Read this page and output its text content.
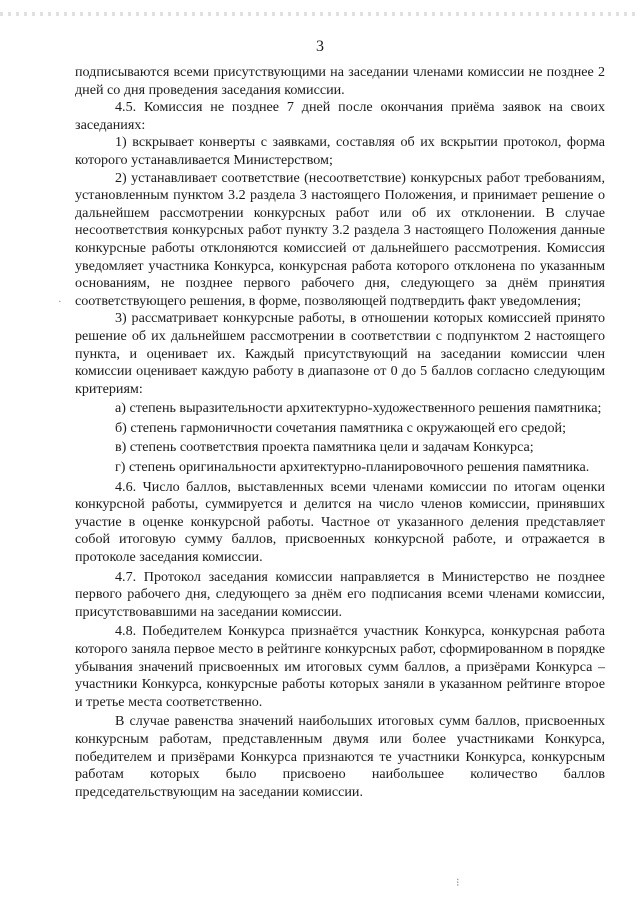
3

подписываются всеми присутствующими на заседании членами комиссии не позднее 2 дней со дня проведения заседания комиссии.

4.5. Комиссия не позднее 7 дней после окончания приёма заявок на своих заседаниях:

1) вскрывает конверты с заявками, составляя об их вскрытии протокол, форма которого устанавливается Министерством;

2) устанавливает соответствие (несоответствие) конкурсных работ требованиям, установленным пунктом 3.2 раздела 3 настоящего Положения, и принимает решение о дальнейшем рассмотрении конкурсных работ или об их отклонении. В случае несоответствия конкурсных работ пункту 3.2 раздела 3 настоящего Положения данные конкурсные работы отклоняются комиссией от дальнейшего рассмотрения. Комиссия уведомляет участника Конкурса, конкурсная работа которого отклонена по указанным основаниям, не позднее первого рабочего дня, следующего за днём принятия соответствующего решения, в форме, позволяющей подтвердить факт уведомления;

3) рассматривает конкурсные работы, в отношении которых комиссией принято решение об их дальнейшем рассмотрении в соответствии с подпунктом 2 настоящего пункта, и оценивает их. Каждый присутствующий на заседании комиссии член комиссии оценивает каждую работу в диапазоне от 0 до 5 баллов согласно следующим критериям:

а) степень выразительности архитектурно-художественного решения памятника;

б) степень гармоничности сочетания памятника с окружающей его средой;

в) степень соответствия проекта памятника цели и задачам Конкурса;

г) степень оригинальности архитектурно-планировочного решения памятника.

4.6. Число баллов, выставленных всеми членами комиссии по итогам оценки конкурсной работы, суммируется и делится на число членов комиссии, принявших участие в оценке конкурсной работы. Частное от указанного деления представляет собой итоговую сумму баллов, присвоенных конкурсной работе, и отражается в протоколе заседания комиссии.

4.7. Протокол заседания комиссии направляется в Министерство не позднее первого рабочего дня, следующего за днём его подписания всеми членами комиссии, присутствовавшими на заседании комиссии.

4.8. Победителем Конкурса признаётся участник Конкурса, конкурсная работа которого заняла первое место в рейтинге конкурсных работ, сформированном в порядке убывания значений присвоенных им итоговых сумм баллов, а призёрами Конкурса – участники Конкурса, конкурсные работы которых заняли в указанном рейтинге второе и третье места соответственно.

В случае равенства значений наибольших итоговых сумм баллов, присвоенных конкурсным работам, представленным двумя или более участниками Конкурса, победителем и призёрами Конкурса признаются те участники Конкурса, конкурсным работам которых было присвоено наибольшее количество баллов председательствующим на заседании комиссии.

·
⁝
